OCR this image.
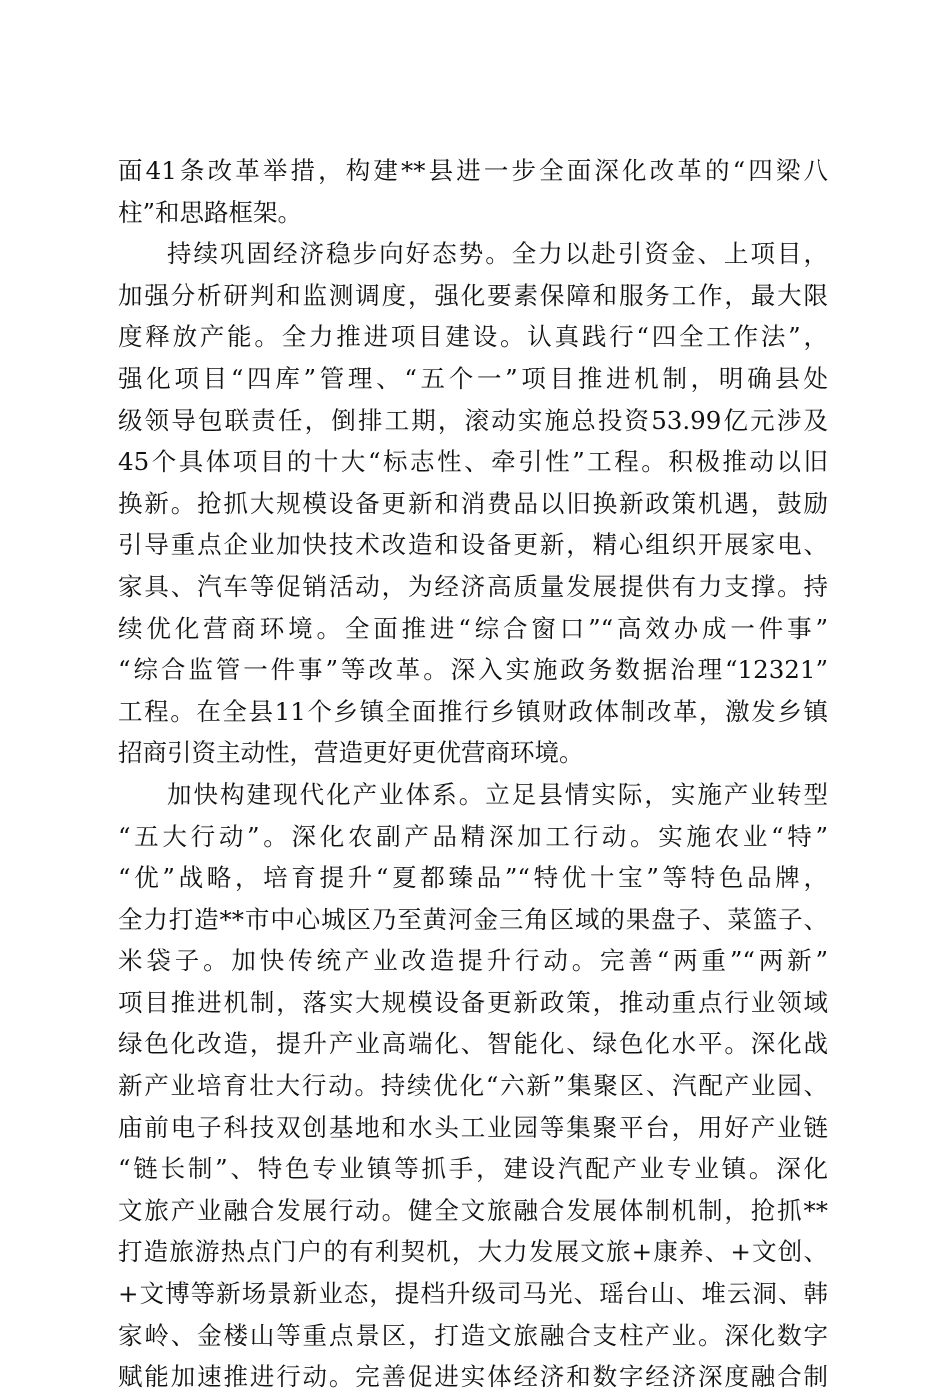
面41条改革举措，构建**县进一步全面深化改革的“四梁八
柱”和思路框架。
持续巩固经济稳步向好态势。全力以赴引资金、上项目，
加强分析研判和监测调度，强化要素保障和服务工作，最大限
度释放产能。全力推进项目建设。认真践行“四全工作法”，
强化项目“四库”管理、“五个一”项目推进机制，明确县处
级领导包联责任，倒排工期，滚动实施总投资53.99亿元涉及
45个具体项目的十大“标志性、牵引性”工程。积极推动以旧
换新。抢抓大规模设备更新和消费品以旧换新政策机遇，鼓励
引导重点企业加快技术改造和设备更新，精心组织开展家电、
家具、汽车等促销活动，为经济高质量发展提供有力支撑。持
续优化营商环境。全面推进“综合窗口”“高效办成一件事”
“综合监管一件事”等改革。深入实施政务数据治理“12321”
工程。在全县11个乡镇全面推行乡镇财政体制改革，激发乡镇
招商引资主动性，营造更好更优营商环境。
加快构建现代化产业体系。立足县情实际，实施产业转型
“五大行动”。深化农副产品精深加工行动。实施农业“特”
“优”战略，培育提升“夏都臻品”“特优十宝”等特色品牌，
全力打造**市中心城区乃至黄河金三角区域的果盘子、菜篮子、
米袋子。加快传统产业改造提升行动。完善“两重”“两新”
项目推进机制，落实大规模设备更新政策，推动重点行业领域
绿色化改造，提升产业高端化、智能化、绿色化水平。深化战
新产业培育壮大行动。持续优化“六新”集聚区、汽配产业园、
庙前电子科技双创基地和水头工业园等集聚平台，用好产业链
“链长制”、特色专业镇等抓手，建设汽配产业专业镇。深化
文旅产业融合发展行动。健全文旅融合发展体制机制，抢抓**
打造旅游热点门户的有利契机，大力发展文旅+康养、+文创、
+文博等新场景新业态，提档升级司马光、瑶台山、堆云洞、韩
家岭、金楼山等重点景区，打造文旅融合支柱产业。深化数字
赋能加速推进行动。完善促进实体经济和数字经济深度融合制
